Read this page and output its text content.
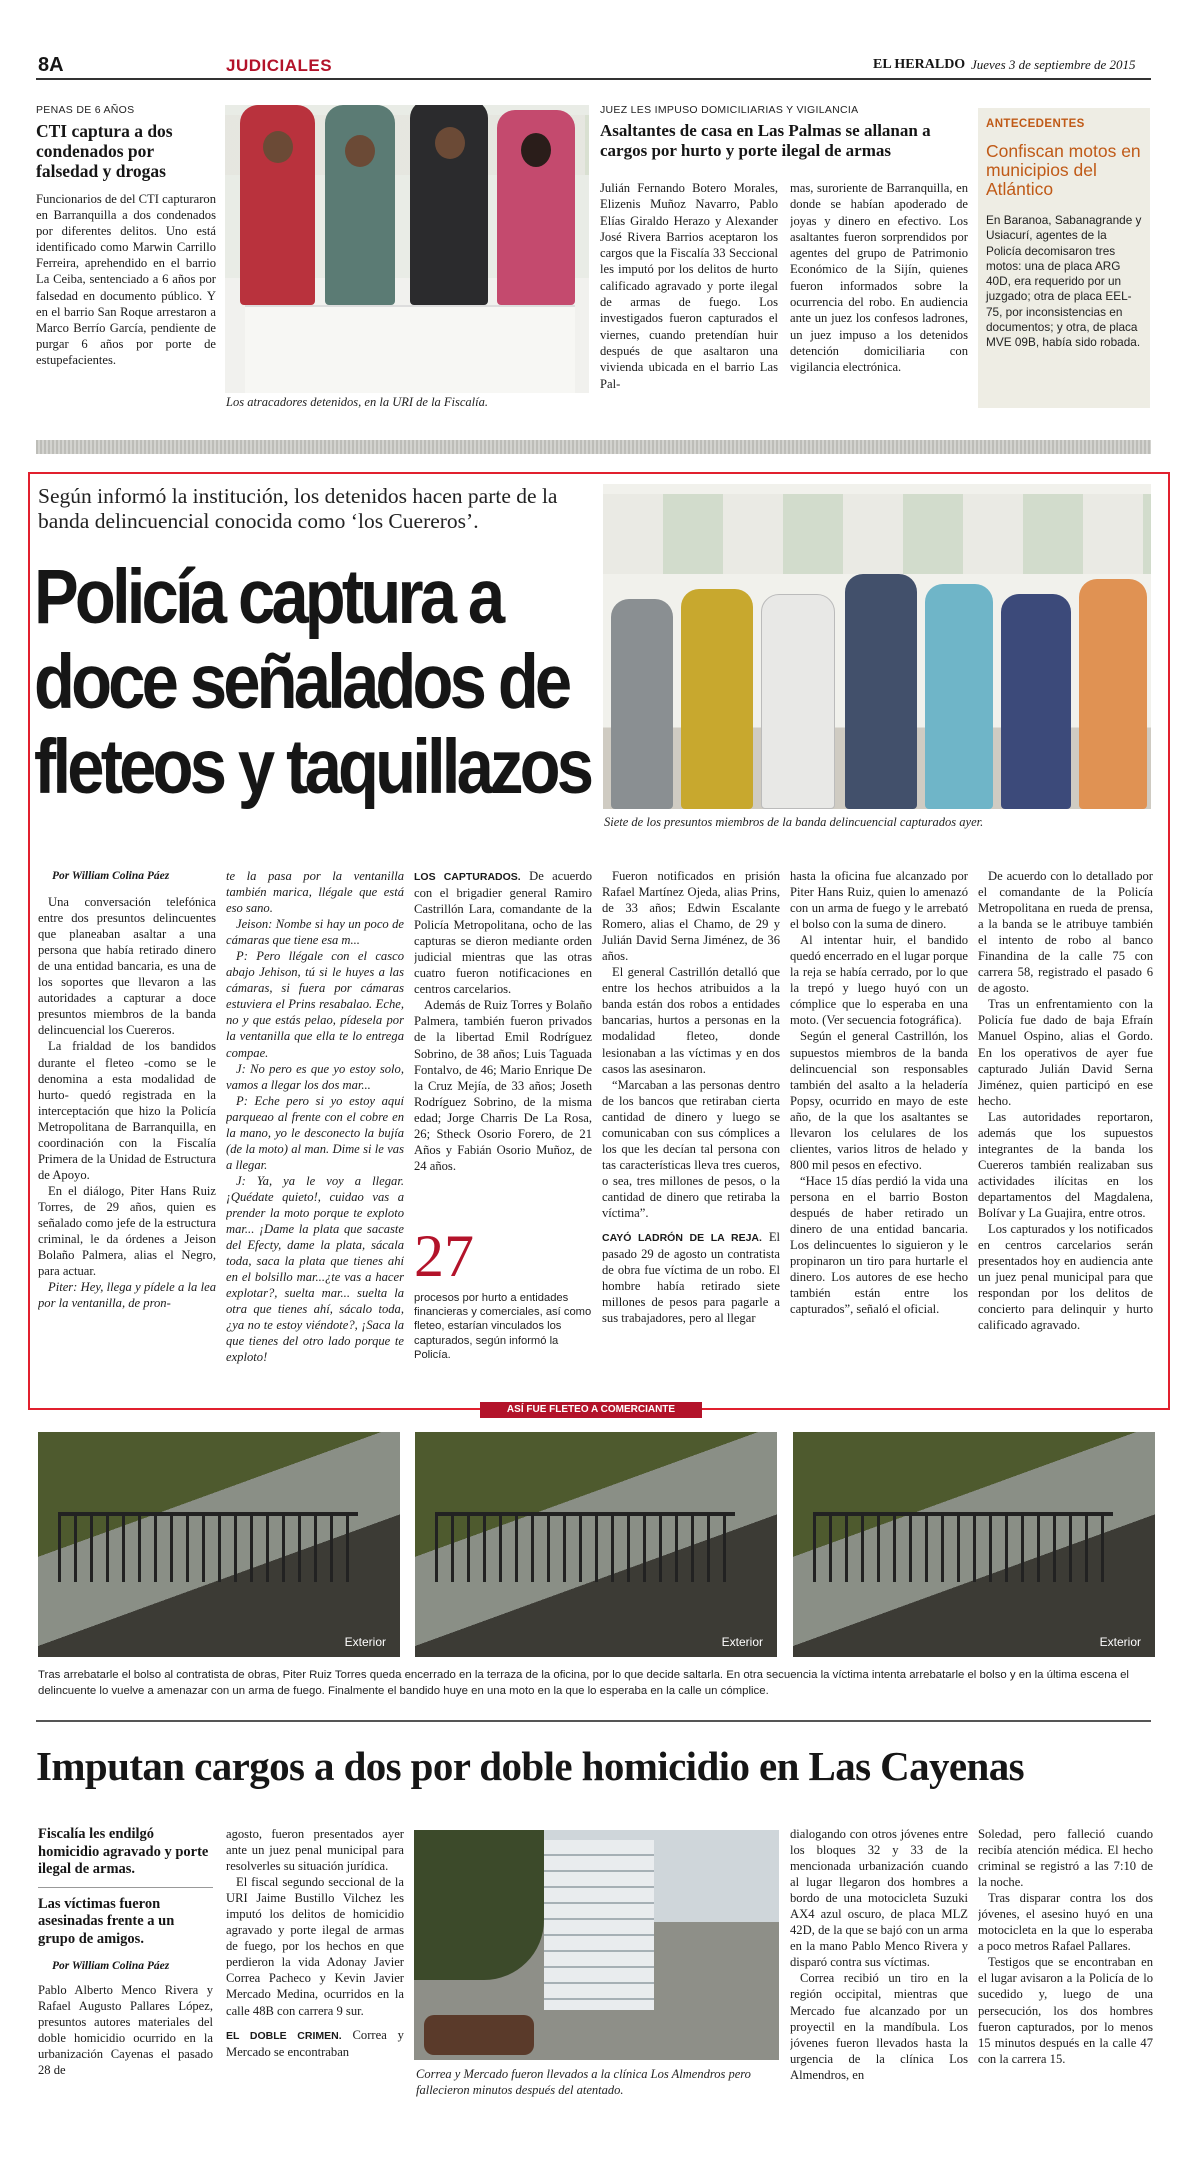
8A	JUDICIALES	EL HERALDO Jueves 3 de septiembre de 2015
PENAS DE 6 AÑOS
CTI captura a dos condenados por falsedad y drogas
Funcionarios de del CTI capturaron en Barranquilla a dos condenados por diferentes delitos. Uno está identificado como Marwin Carrillo Ferreira, aprehendido en el barrio La Ceiba, sentenciado a 6 años por falsedad en documento público. Y en el barrio San Roque arrestaron a Marco Berrío García, pendiente de purgar 6 años por porte de estupefacientes.
Los atracadores detenidos, en la URI de la Fiscalía.
JUEZ LES IMPUSO DOMICILIARIAS Y VIGILANCIA
Asaltantes de casa en Las Palmas se allanan a cargos por hurto y porte ilegal de armas
Julián Fernando Botero Morales, Elizenis Muñoz Navarro, Pablo Elías Giraldo Herazo y Alexander José Rivera Barrios aceptaron los cargos que la Fiscalía 33 Seccional les imputó por los delitos de hurto calificado agravado y porte ilegal de armas de fuego. Los investigados fueron capturados el viernes, cuando pretendían huir después de que asaltaron una vivienda ubicada en el barrio Las Pal-
mas, suroriente de Barranquilla, en donde se habían apoderado de joyas y dinero en efectivo. Los asaltantes fueron sorprendidos por agentes del grupo de Patrimonio Económico de la Sijín, quienes fueron informados sobre la ocurrencia del robo. En audiencia ante un juez los confesos ladrones, un juez impuso a los detenidos detención domiciliaria con vigilancia electrónica.
ANTECEDENTES
Confiscan motos en municipios del Atlántico
En Baranoa, Sabanagrande y Usiacurí, agentes de la Policía decomisaron tres motos: una de placa ARG 40D, era requerido por un juzgado; otra de placa EEL-75, por inconsistencias en documentos; y otra, de placa MVE 09B, había sido robada.
Según informó la institución, los detenidos hacen parte de la banda delincuencial conocida como ‘los Cuereros’.
Policía captura a doce señalados de fleteos y taquillazos
Siete de los presuntos miembros de la banda delincuencial capturados ayer.

Por William Colina Páez

Una conversación telefónica entre dos presuntos delincuentes que planeaban asaltar a una persona que había retirado dinero de una entidad bancaria, es una de los soportes que llevaron a las autoridades a capturar a doce presuntos miembros de la banda delincuencial los Cuereros.

La frialdad de los bandidos durante el fleteo -como se le denomina a esta modalidad de hurto- quedó registrada en la interceptación que hizo la Policía Metropolitana de Barranquilla, en coordinación con la Fiscalía Primera de la Unidad de Estructura de Apoyo.

En el diálogo, Piter Hans Ruiz Torres, de 29 años, quien es señalado como jefe de la estructura criminal, le da órdenes a Jeison Bolaño Palmera, alias el Negro, para actuar.

Piter: Hey, llega y pídele a la lea por la ventanilla, de pron-

te la pasa por la ventanilla también marica, llégale que está eso sano.

Jeison: Nombe si hay un poco de cámaras que tiene esa m...

P: Pero llégale con el casco abajo Jehison, tú si le huyes a las cámaras, si fuera por cámaras estuviera el Prins resabalao. Eche, no y que estás pelao, pídesela por la ventanilla que ella te lo entrega compae.

J: No pero es que yo estoy solo, vamos a llegar los dos mar...

P: Eche pero si yo estoy aquí parqueao al frente con el cobre en la mano, yo le desconecto la bujía (de la moto) al man. Dime si le vas a llegar.

J: Ya, ya le voy a llegar. ¡Quédate quieto!, cuidao vas a prender la moto porque te exploto mar... ¡Dame la plata que sacaste del Efecty, dame la plata, sácala toda, saca la plata que tienes ahí en el bolsillo mar...¿te vas a hacer explotar?, suelta mar... suelta la otra que tienes ahí, sácalo toda, ¿ya no te estoy viéndote?, ¡Saca la que tienes del otro lado porque te exploto!

LOS CAPTURADOS. De acuerdo con el brigadier general Ramiro Castrillón Lara, comandante de la Policía Metropolitana, ocho de las capturas se dieron mediante orden judicial mientras que las otras cuatro fueron notificaciones en centros carcelarios.

Además de Ruiz Torres y Bolaño Palmera, también fueron privados de la libertad Emil Rodríguez Sobrino, de 38 años; Luis Taguada Fontalvo, de 46; Mario Enrique De la Cruz Mejía, de 33 años; Joseth Rodríguez Sobrino, de la misma edad; Jorge Charris De La Rosa, 26; Stheck Osorio Forero, de 21 Años y Fabián Osorio Muñoz, de 24 años.

27
procesos por hurto a entidades financieras y comerciales, así como fleteo, estarían vinculados los capturados, según informó la Policía.

Fueron notificados en prisión Rafael Martínez Ojeda, alias Prins, de 33 años; Edwin Escalante Romero, alias el Chamo, de 29 y Julián David Serna Jiménez, de 36 años.

El general Castrillón detalló que entre los hechos atribuidos a la banda están dos robos a entidades bancarias, hurtos a personas en la modalidad fleteo, donde lesionaban a las víctimas y en dos casos las asesinaron.

“Marcaban a las personas dentro de los bancos que retiraban cierta cantidad de dinero y luego se comunicaban con sus cómplices a los que les decían tal persona con tas características lleva tres cueros, o sea, tres millones de pesos, o la cantidad de dinero que retiraba la víctima”.

CAYÓ LADRÓN DE LA REJA. El pasado 29 de agosto un contratista de obra fue víctima de un robo. El hombre había retirado siete millones de pesos para pagarle a sus trabajadores, pero al llegar

hasta la oficina fue alcanzado por Piter Hans Ruiz, quien lo amenazó con un arma de fuego y le arrebató el bolso con la suma de dinero.

Al intentar huir, el bandido quedó encerrado en el lugar porque la reja se había cerrado, por lo que la trepó y luego huyó con un cómplice que lo esperaba en una moto. (Ver secuencia fotográfica).

Según el general Castrillón, los supuestos miembros de la banda delincuencial son responsables también del asalto a la heladería Popsy, ocurrido en mayo de este año, de la que los asaltantes se llevaron los celulares de los clientes, varios litros de helado y 800 mil pesos en efectivo.

“Hace 15 días perdió la vida una persona en el barrio Boston después de haber retirado un dinero de una entidad bancaria. Los delincuentes lo siguieron y le propinaron un tiro para hurtarle el dinero. Los autores de ese hecho también están entre los capturados”, señaló el oficial.

De acuerdo con lo detallado por el comandante de la Policía Metropolitana en rueda de prensa, a la banda se le atribuye también el intento de robo al banco Finandina de la calle 75 con carrera 58, registrado el pasado 6 de agosto.

Tras un enfrentamiento con la Policía fue dado de baja Efraín Manuel Ospino, alias el Gordo. En los operativos de ayer fue capturado Julián David Serna Jiménez, quien participó en ese hecho.

Las autoridades reportaron, además que los supuestos integrantes de la banda los Cuereros también realizaban sus actividades ilícitas en los departamentos del Magdalena, Bolívar y La Guajira, entre otros.

Los capturados y los notificados en centros carcelarios serán presentados hoy en audiencia ante un juez penal municipal para que respondan por los delitos de concierto para delinquir y hurto calificado agravado.

ASÍ FUE FLETEO A COMERCIANTE
Exterior	Exterior	Exterior
Tras arrebatarle el bolso al contratista de obras, Piter Ruiz Torres queda encerrado en la terraza de la oficina, por lo que decide saltarla. En otra secuencia la víctima intenta arrebatarle el bolso y en la última escena el delincuente lo vuelve a amenazar con un arma de fuego. Finalmente el bandido huye en una moto en la que lo esperaba en la calle un cómplice.
Imputan cargos a dos por doble homicidio en Las Cayenas
Fiscalía les endilgó homicidio agravado y porte ilegal de armas.
Las víctimas fueron asesinadas frente a un grupo de amigos.
Por William Colina Páez
Pablo Alberto Menco Rivera y Rafael Augusto Pallares López, presuntos autores materiales del doble homicidio ocurrido en la urbanización Cayenas el pasado 28 de

agosto, fueron presentados ayer ante un juez penal municipal para resolverles su situación jurídica.

El fiscal segundo seccional de la URI Jaime Bustillo Vilchez les imputó los delitos de homicidio agravado y porte ilegal de armas de fuego, por los hechos en que perdieron la vida Adonay Javier Correa Pacheco y Kevin Javier Mercado Medina, ocurridos en la calle 48B con carrera 9 sur.

EL DOBLE CRIMEN. Correa y Mercado se encontraban

Correa y Mercado fueron llevados a la clínica Los Almendros pero fallecieron minutos después del atentado.

dialogando con otros jóvenes entre los bloques 32 y 33 de la mencionada urbanización cuando al lugar llegaron dos hombres a bordo de una motocicleta Suzuki AX4 azul oscuro, de placa MLZ 42D, de la que se bajó con un arma en la mano Pablo Menco Rivera y disparó contra sus víctimas.

Correa recibió un tiro en la región occipital, mientras que Mercado fue alcanzado por un proyectil en la mandíbula. Los jóvenes fueron llevados hasta la urgencia de la clínica Los Almendros, en

Soledad, pero falleció cuando recibía atención médica. El hecho criminal se registró a las 7:10 de la noche.

Tras disparar contra los dos jóvenes, el asesino huyó en una motocicleta en la que lo esperaba a poco metros Rafael Pallares.

Testigos que se encontraban en el lugar avisaron a la Policía de lo sucedido y, luego de una persecución, los dos hombres fueron capturados, por lo menos 15 minutos después en la calle 47 con la carrera 15.
